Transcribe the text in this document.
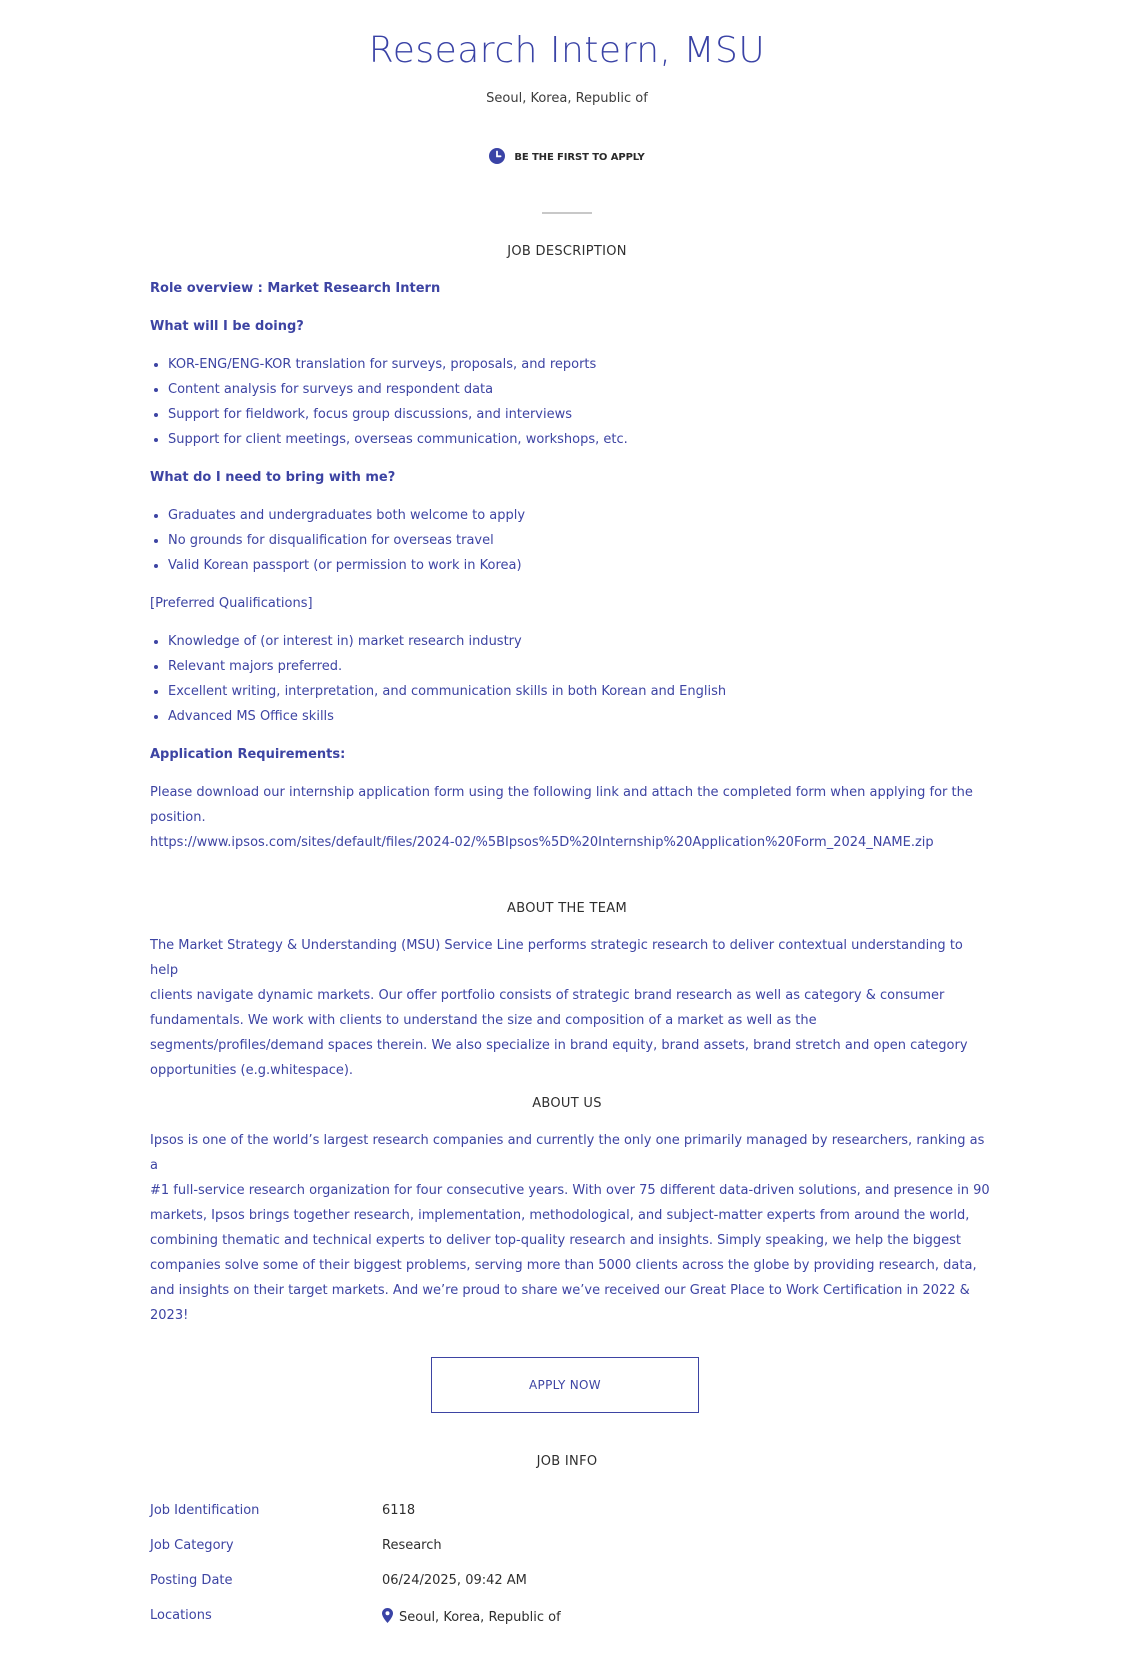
Research Intern, MSU
Seoul, Korea, Republic of
BE THE FIRST TO APPLY
JOB DESCRIPTION
Role overview : Market Research Intern
What will I be doing?
KOR-ENG/ENG-KOR translation for surveys, proposals, and reports
Content analysis for surveys and respondent data
Support for fieldwork, focus group discussions, and interviews
Support for client meetings, overseas communication, workshops, etc.
What do I need to bring with me?
Graduates and undergraduates both welcome to apply
No grounds for disqualification for overseas travel
Valid Korean passport (or permission to work in Korea)
[Preferred Qualifications]
Knowledge of (or interest in) market research industry
Relevant majors preferred.
Excellent writing, interpretation, and communication skills in both Korean and English
Advanced MS Office skills
Application Requirements:
Please download our internship application form using the following link and attach the completed form when applying for the
position.
https://www.ipsos.com/sites/default/files/2024-02/%5BIpsos%5D%20Internship%20Application%20Form_2024_NAME.zip
ABOUT THE TEAM
The Market Strategy & Understanding (MSU) Service Line performs strategic research to deliver contextual understanding to help
clients navigate dynamic markets. Our offer portfolio consists of strategic brand research as well as category & consumer
fundamentals. We work with clients to understand the size and composition of a market as well as the
segments/profiles/demand spaces therein. We also specialize in brand equity, brand assets, brand stretch and open category
opportunities (e.g.whitespace).
ABOUT US
Ipsos is one of the world’s largest research companies and currently the only one primarily managed by researchers, ranking as a
#1 full-service research organization for four consecutive years. With over 75 different data-driven solutions, and presence in 90
markets, Ipsos brings together research, implementation, methodological, and subject-matter experts from around the world,
combining thematic and technical experts to deliver top-quality research and insights. Simply speaking, we help the biggest
companies solve some of their biggest problems, serving more than 5000 clients across the globe by providing research, data,
and insights on their target markets. And we’re proud to share we’ve received our Great Place to Work Certification in 2022 &
2023!
APPLY NOW
JOB INFO
Job Identification	6118
Job Category	Research
Posting Date	06/24/2025, 09:42 AM
Locations	Seoul, Korea, Republic of
